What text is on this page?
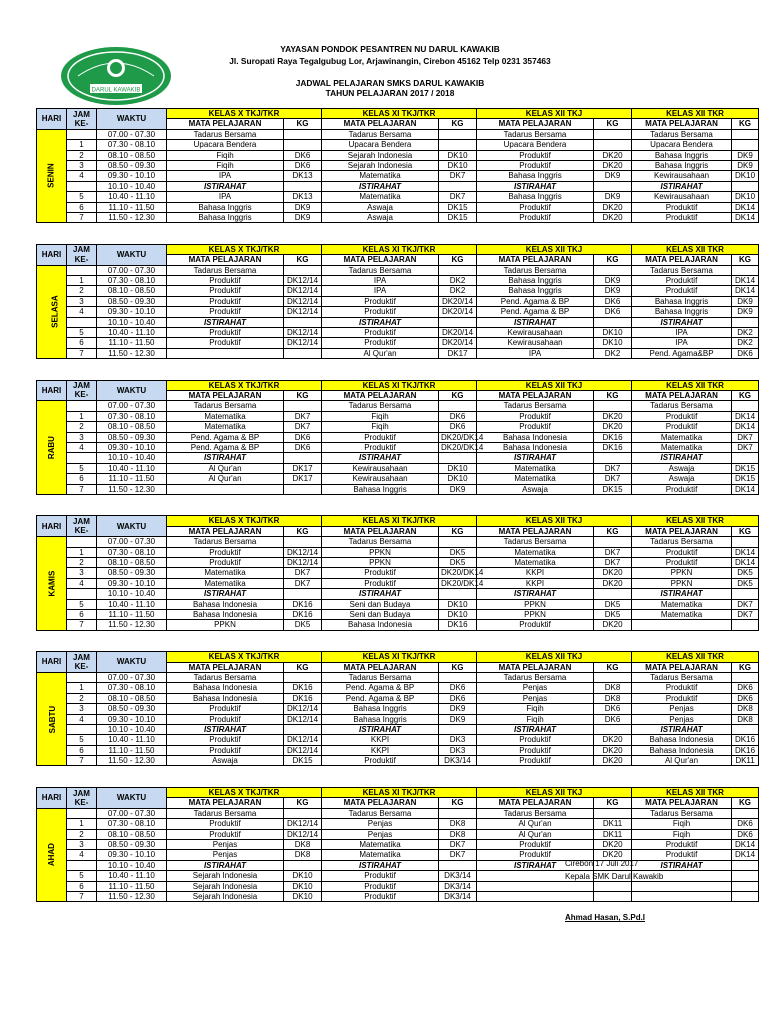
DARUL KAWAKIB
YAYASAN PONDOK PESANTREN NU DARUL KAWAKIB
Jl. Suropati Raya Tegalgubug Lor, Arjawinangin, Cirebon 45162 Telp 0231 357463
JADWAL PELAJARAN SMKS DARUL KAWAKIB
TAHUN PELAJARAN 2017 / 2018
HARI	JAM KE-	WAKTU	KELAS X TKJ/TKR		KELAS XI TKJ/TKR		KELAS XII TKJ		KELAS XII TKR	
			MATA PELAJARAN	KG	MATA PELAJARAN	KG	MATA PELAJARAN	KG	MATA PELAJARAN	KG
SENIN		07.00 - 07.30	Tadarus Bersama		Tadarus Bersama		Tadarus Bersama		Tadarus Bersama	
	1	07.30 - 08.10	Upacara Bendera		Upacara Bendera		Upacara Bendera		Upacara Bendera	
	2	08.10 - 08.50	Fiqih	DK6	Sejarah Indonesia	DK10	Produktif	DK20	Bahasa Inggris	DK9
	3	08.50 - 09.30	Fiqih	DK6	Sejarah Indonesia	DK10	Produktif	DK20	Bahasa Inggris	DK9
	4	09.30 - 10.10	IPA	DK13	Matematika	DK7	Bahasa Inggris	DK9	Kewirausahaan	DK10
		10.10 - 10.40	ISTIRAHAT		ISTIRAHAT		ISTIRAHAT		ISTIRAHAT	
	5	10.40 - 11.10	IPA	DK13	Matematika	DK7	Bahasa Inggris	DK9	Kewirausahaan	DK10
	6	11.10 - 11.50	Bahasa Inggris	DK9	Aswaja	DK15	Produktif	DK20	Produktif	DK14
	7	11.50 - 12.30	Bahasa Inggris	DK9	Aswaja	DK15	Produktif	DK20	Produktif	DK14
HARI	JAM KE-	WAKTU	KELAS X TKJ/TKR		KELAS XI TKJ/TKR		KELAS XII TKJ		KELAS XII TKR	
			MATA PELAJARAN	KG	MATA PELAJARAN	KG	MATA PELAJARAN	KG	MATA PELAJARAN	KG
SELASA		07.00 - 07.30	Tadarus Bersama		Tadarus Bersama		Tadarus Bersama		Tadarus Bersama	
	1	07.30 - 08.10	Produktif	DK12/14	IPA	DK2	Bahasa Inggris	DK9	Produktif	DK14
	2	08.10 - 08.50	Produktif	DK12/14	IPA	DK2	Bahasa Inggris	DK9	Produktif	DK14
	3	08.50 - 09.30	Produktif	DK12/14	Produktif	DK20/14	Pend. Agama & BP	DK6	Bahasa Inggris	DK9
	4	09.30 - 10.10	Produktif	DK12/14	Produktif	DK20/14	Pend. Agama & BP	DK6	Bahasa Inggris	DK9
		10.10 - 10.40	ISTIRAHAT		ISTIRAHAT		ISTIRAHAT		ISTIRAHAT	
	5	10.40 - 11.10	Produktif	DK12/14	Produktif	DK20/14	Kewirausahaan	DK10	IPA	DK2
	6	11.10 - 11.50	Produktif	DK12/14	Produktif	DK20/14	Kewirausahaan	DK10	IPA	DK2
	7	11.50 - 12.30			Al Qur'an	DK17	IPA	DK2	Pend. Agama&BP	DK6
HARI	JAM KE-	WAKTU	KELAS X TKJ/TKR		KELAS XI TKJ/TKR		KELAS XII TKJ		KELAS XII TKR	
			MATA PELAJARAN	KG	MATA PELAJARAN	KG	MATA PELAJARAN	KG	MATA PELAJARAN	KG
RABU		07.00 - 07.30	Tadarus Bersama		Tadarus Bersama		Tadarus Bersama		Tadarus Bersama	
	1	07.30 - 08.10	Matematika	DK7	Fiqih	DK6	Produktif	DK20	Produktif	DK14
	2	08.10 - 08.50	Matematika	DK7	Fiqih	DK6	Produktif	DK20	Produktif	DK14
	3	08.50 - 09.30	Pend. Agama & BP	DK6	Produktif	DK20/DK14	Bahasa Indonesia	DK16	Matematika	DK7
	4	09.30 - 10.10	Pend. Agama & BP	DK6	Produktif	DK20/DK14	Bahasa Indonesia	DK16	Matematika	DK7
		10.10 - 10.40	ISTIRAHAT		ISTIRAHAT		ISTIRAHAT		ISTIRAHAT	
	5	10.40 - 11.10	Al Qur'an	DK17	Kewirausahaan	DK10	Matematika	DK7	Aswaja	DK15
	6	11.10 - 11.50	Al Qur'an	DK17	Kewirausahaan	DK10	Matematika	DK7	Aswaja	DK15
	7	11.50 - 12.30			Bahasa Inggris	DK9	Aswaja	DK15	Produktif	DK14
HARI	JAM KE-	WAKTU	KELAS X TKJ/TKR		KELAS XI TKJ/TKR		KELAS XII TKJ		KELAS XII TKR	
			MATA PELAJARAN	KG	MATA PELAJARAN	KG	MATA PELAJARAN	KG	MATA PELAJARAN	KG
KAMIS		07.00 - 07.30	Tadarus Bersama		Tadarus Bersama		Tadarus Bersama		Tadarus Bersama	
	1	07.30 - 08.10	Produktif	DK12/14	PPKN	DK5	Matematika	DK7	Produktif	DK14
	2	08.10 - 08.50	Produktif	DK12/14	PPKN	DK5	Matematika	DK7	Produktif	DK14
	3	08.50 - 09.30	Matematika	DK7	Produktif	DK20/DK14	KKPI	DK20	PPKN	DK5
	4	09.30 - 10.10	Matematika	DK7	Produktif	DK20/DK14	KKPI	DK20	PPKN	DK5
		10.10 - 10.40	ISTIRAHAT		ISTIRAHAT		ISTIRAHAT		ISTIRAHAT	
	5	10.40 - 11.10	Bahasa Indonesia	DK16	Seni dan Budaya	DK10	PPKN	DK5	Matematika	DK7
	6	11.10 - 11.50	Bahasa Indonesia	DK16	Seni dan Budaya	DK10	PPKN	DK5	Matematika	DK7
	7	11.50 - 12.30	PPKN	DK5	Bahasa Indonesia	DK16	Produktif	DK20		
HARI	JAM KE-	WAKTU	KELAS X TKJ/TKR		KELAS XI TKJ/TKR		KELAS XII TKJ		KELAS XII TKR	
			MATA PELAJARAN	KG	MATA PELAJARAN	KG	MATA PELAJARAN	KG	MATA PELAJARAN	KG
SABTU		07.00 - 07.30	Tadarus Bersama		Tadarus Bersama		Tadarus Bersama		Tadarus Bersama	
	1	07.30 - 08.10	Bahasa Indonesia	DK16	Pend. Agama & BP	DK6	Penjas	DK8	Produktif	DK6
	2	08.10 - 08.50	Bahasa Indonesia	DK16	Pend. Agama & BP	DK6	Penjas	DK8	Produktif	DK6
	3	08.50 - 09.30	Produktif	DK12/14	Bahasa Inggris	DK9	Fiqih	DK6	Penjas	DK8
	4	09.30 - 10.10	Produktif	DK12/14	Bahasa Inggris	DK9	Fiqih	DK6	Penjas	DK8
		10.10 - 10.40	ISTIRAHAT		ISTIRAHAT		ISTIRAHAT		ISTIRAHAT	
	5	10.40 - 11.10	Produktif	DK12/14	KKPI	DK3	Produktif	DK20	Bahasa Indonesia	DK16
	6	11.10 - 11.50	Produktif	DK12/14	KKPI	DK3	Produktif	DK20	Bahasa Indonesia	DK16
	7	11.50 - 12.30	Aswaja	DK15	Produktif	DK3/14	Produktif	DK20	Al Qur'an	DK11
HARI	JAM KE-	WAKTU	KELAS X TKJ/TKR		KELAS XI TKJ/TKR		KELAS XII TKJ		KELAS XII TKR	
			MATA PELAJARAN	KG	MATA PELAJARAN	KG	MATA PELAJARAN	KG	MATA PELAJARAN	KG
AHAD		07.00 - 07.30	Tadarus Bersama		Tadarus Bersama		Tadarus Bersama		Tadarus Bersama	
	1	07.30 - 08.10	Produktif	DK12/14	Penjas	DK8	Al Qur'an	DK11	Fiqih	DK6
	2	08.10 - 08.50	Produktif	DK12/14	Penjas	DK8	Al Qur'an	DK11	Fiqih	DK6
	3	08.50 - 09.30	Penjas	DK8	Matematika	DK7	Produktif	DK20	Produktif	DK14
	4	09.30 - 10.10	Penjas	DK8	Matematika	DK7	Produktif	DK20	Produktif	DK14
		10.10 - 10.40	ISTIRAHAT		ISTIRAHAT		ISTIRAHAT		ISTIRAHAT	
	5	10.40 - 11.10	Sejarah Indonesia	DK10	Produktif	DK3/14				
	6	11.10 - 11.50	Sejarah Indonesia	DK10	Produktif	DK3/14				
	7	11.50 - 12.30	Sejarah Indonesia	DK10	Produktif	DK3/14				
Cirebon 17 Juli 2017
Kepala SMK Darul Kawakib
Ahmad Hasan, S.Pd.I
